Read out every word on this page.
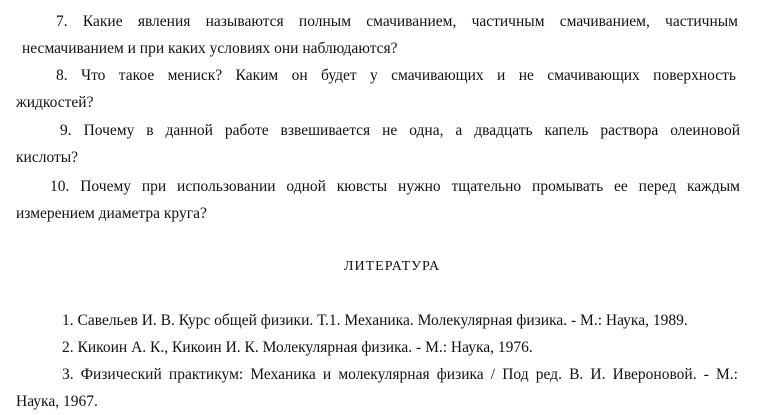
7. Какие явления называются полным смачиванием, частичным смачиванием, частичным
несмачиванием и при каких условиях они наблюдаются?
8. Что такое мениск? Каким он будет у смачивающих и не смачивающих поверхность
жидкостей?
9. Почему в данной работе взвешивается не одна, а двадцать капель раствора олеиновой
кислоты?
10. Почему при использовании одной кювсты нужно тщательно промывать ее перед каждым
измерением диаметра круга?
ЛИТЕРАТУРА
1. Савельев И. В. Курс общей физики. Т.1. Механика. Молекулярная физика. - М.: Наука, 1989.
2. Кикоин А. К., Кикоин И. К. Молекулярная физика. - М.: Наука, 1976.
3. Физический практикум: Механика и молекулярная физика / Под ред. В. И. Ивероновой. - М.:
Наука, 1967.
